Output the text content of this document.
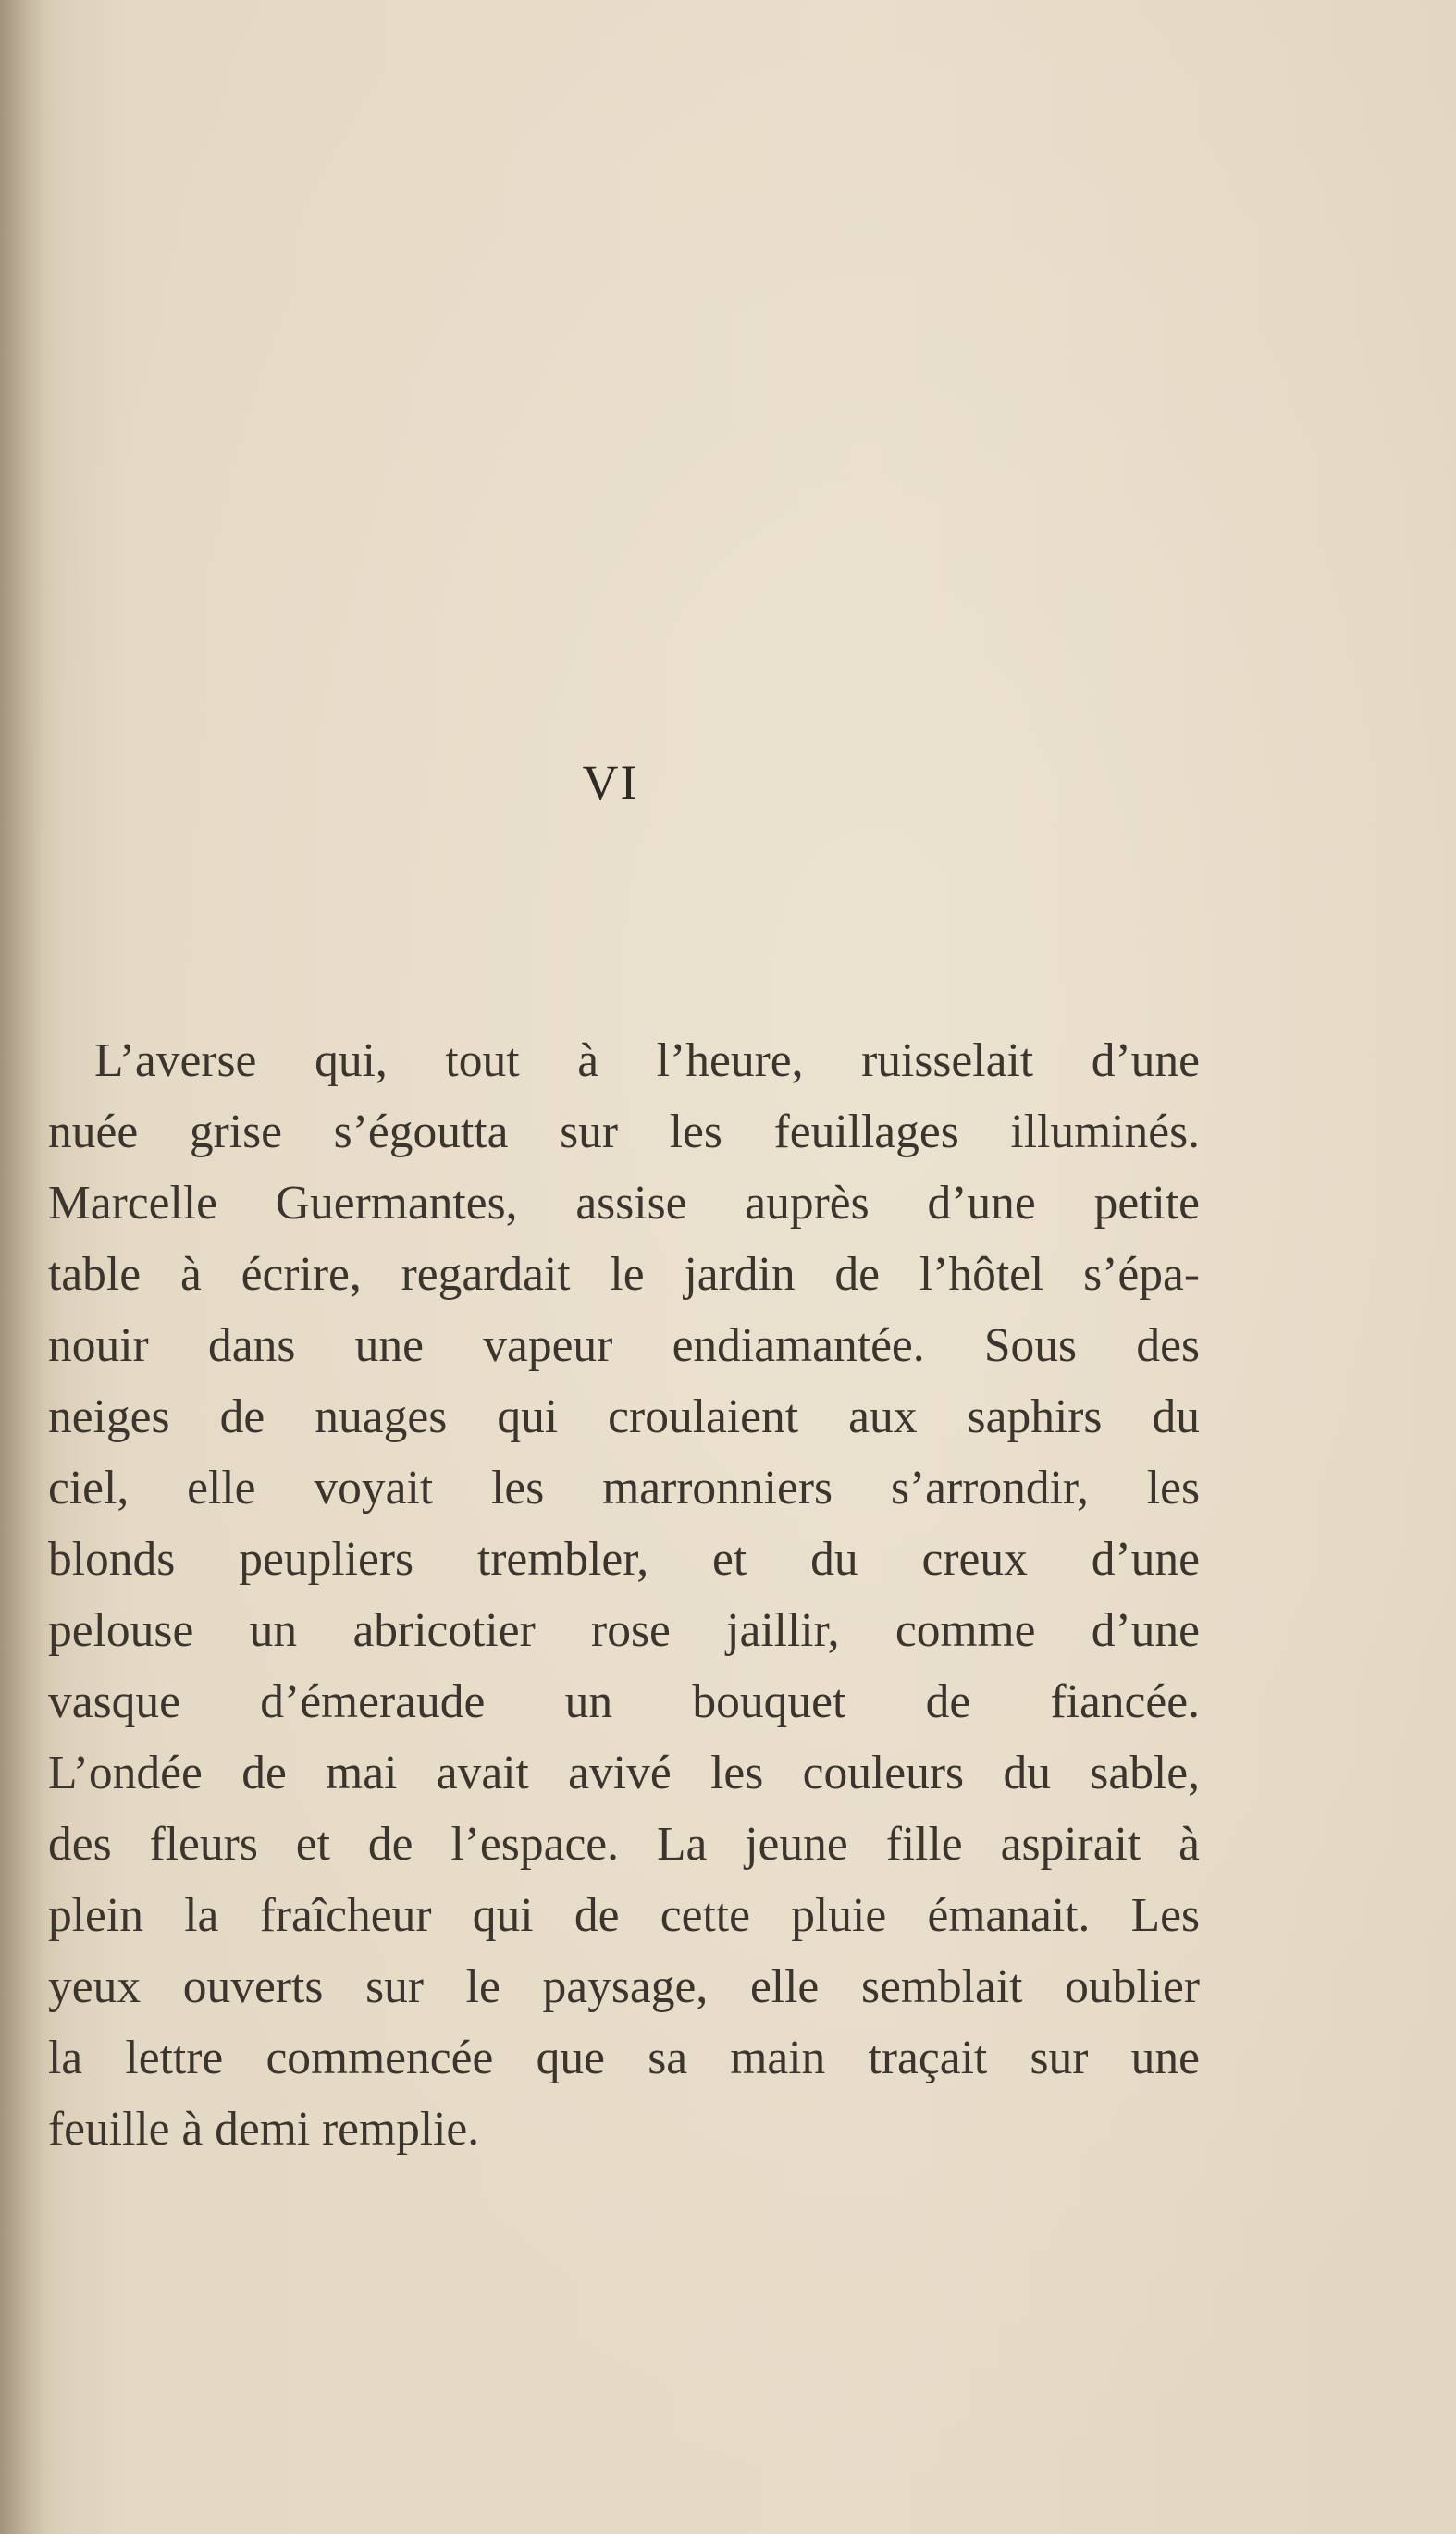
VI

L’averse qui, tout à l’heure, ruisselait d’une
nuée grise s’égoutta sur les feuillages illuminés.
Marcelle Guermantes, assise auprès d’une petite
table à écrire, regardait le jardin de l’hôtel s’épa-
nouir dans une vapeur endiamantée. Sous des
neiges de nuages qui croulaient aux saphirs du
ciel, elle voyait les marronniers s’arrondir, les
blonds peupliers trembler, et du creux d’une
pelouse un abricotier rose jaillir, comme d’une
vasque d’émeraude un bouquet de fiancée.
L’ondée de mai avait avivé les couleurs du sable,
des fleurs et de l’espace. La jeune fille aspirait à
plein la fraîcheur qui de cette pluie émanait. Les
yeux ouverts sur le paysage, elle semblait oublier
la lettre commencée que sa main traçait sur une
feuille à demi remplie.
